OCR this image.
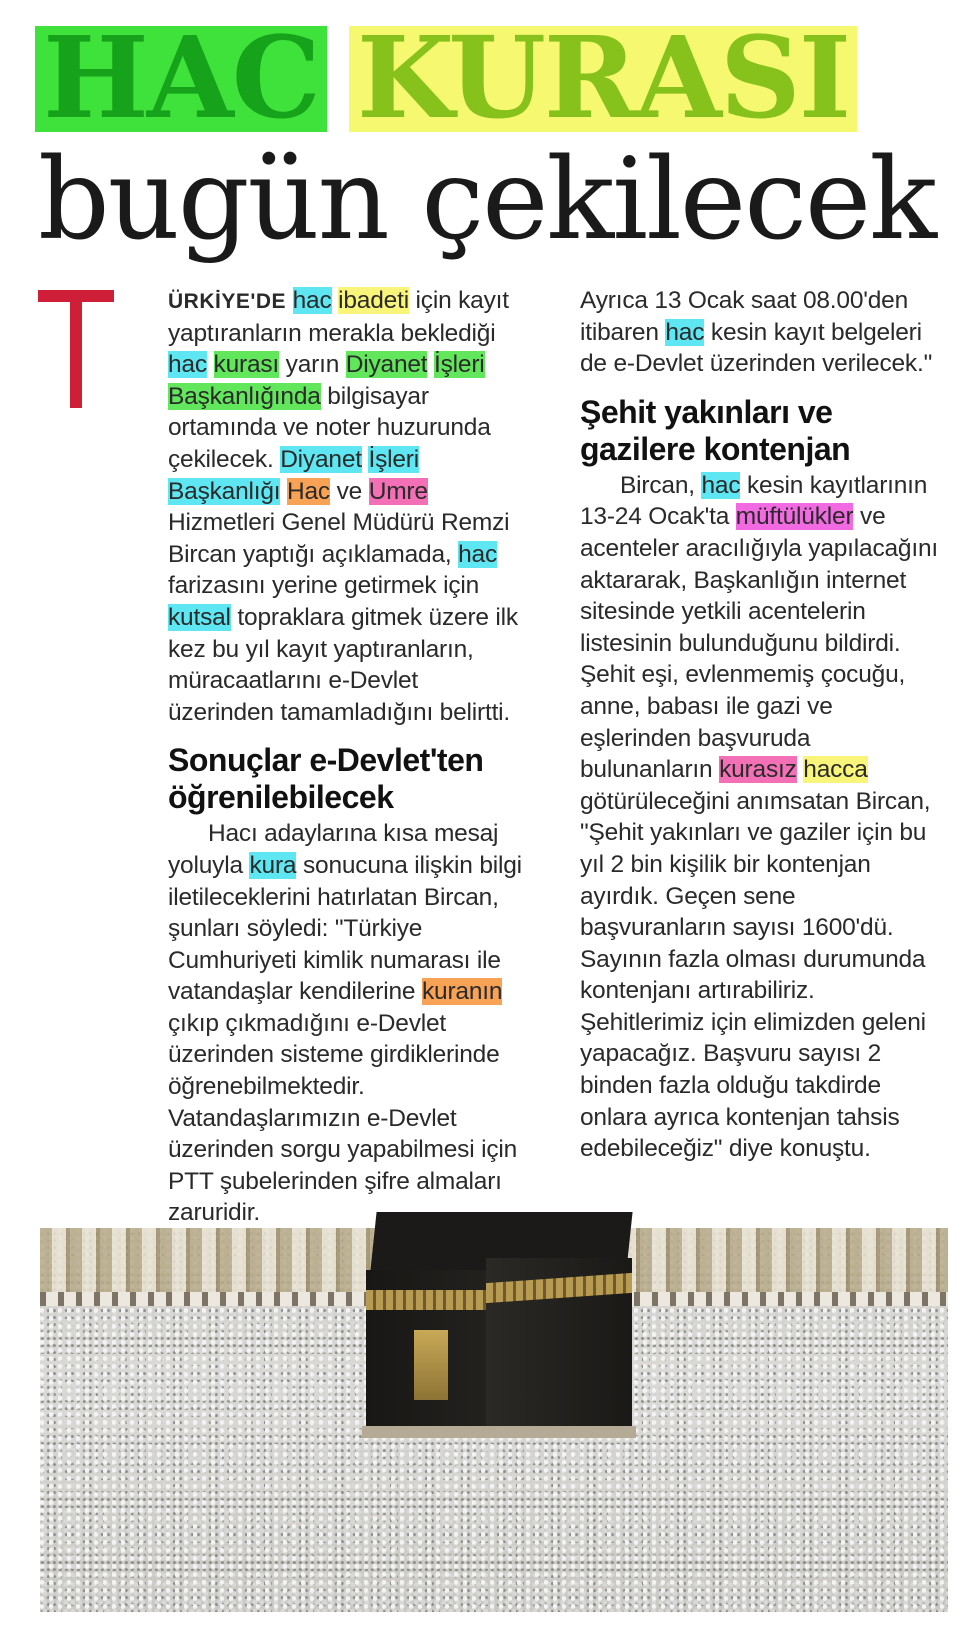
HAC KURASI
bugün çekilecek

ÜRKİYE'DE hac ibadeti için kayıt yaptıranların merakla beklediği hac kurası yarın Diyanet İşleri Başkanlığında bilgisayar ortamında ve noter huzurunda çekilecek. Diyanet İşleri Başkanlığı Hac ve Umre Hizmetleri Genel Müdürü Remzi Bircan yaptığı açıklamada, hac farizasını yerine getirmek için kutsal topraklara gitmek üzere ilk kez bu yıl kayıt yaptıranların, müracaatlarını e-Devlet üzerinden tamamladığını belirtti.

Sonuçlar e-Devlet'ten öğrenilebilecek

Hacı adaylarına kısa mesaj yoluyla kura sonucuna ilişkin bilgi iletileceklerini hatırlatan Bircan, şunları söyledi: "Türkiye Cumhuriyeti kimlik numarası ile vatandaşlar kendilerine kuranın çıkıp çıkmadığını e-Devlet üzerinden sisteme girdiklerinde öğrenebilmektedir. Vatandaşlarımızın e-Devlet üzerinden sorgu yapabilmesi için PTT şubelerinden şifre almaları zaruridir.

Ayrıca 13 Ocak saat 08.00'den itibaren hac kesin kayıt belgeleri de e-Devlet üzerinden verilecek."

Şehit yakınları ve gazilere kontenjan

Bircan, hac kesin kayıtlarının 13-24 Ocak'ta müftülükler ve acenteler aracılığıyla yapılacağını aktararak, Başkanlığın internet sitesinde yetkili acentelerin listesinin bulunduğunu bildirdi. Şehit eşi, evlenmemiş çocuğu, anne, babası ile gazi ve eşlerinden başvuruda bulunanların kurasız hacca götürüleceğini anımsatan Bircan, "Şehit yakınları ve gaziler için bu yıl 2 bin kişilik bir kontenjan ayırdık. Geçen sene başvuranların sayısı 1600'dü. Sayının fazla olması durumunda kontenjanı artırabiliriz. Şehitlerimiz için elimizden geleni yapacağız. Başvuru sayısı 2 binden fazla olduğu takdirde onlara ayrıca kontenjan tahsis edebileceğiz" diye konuştu.
